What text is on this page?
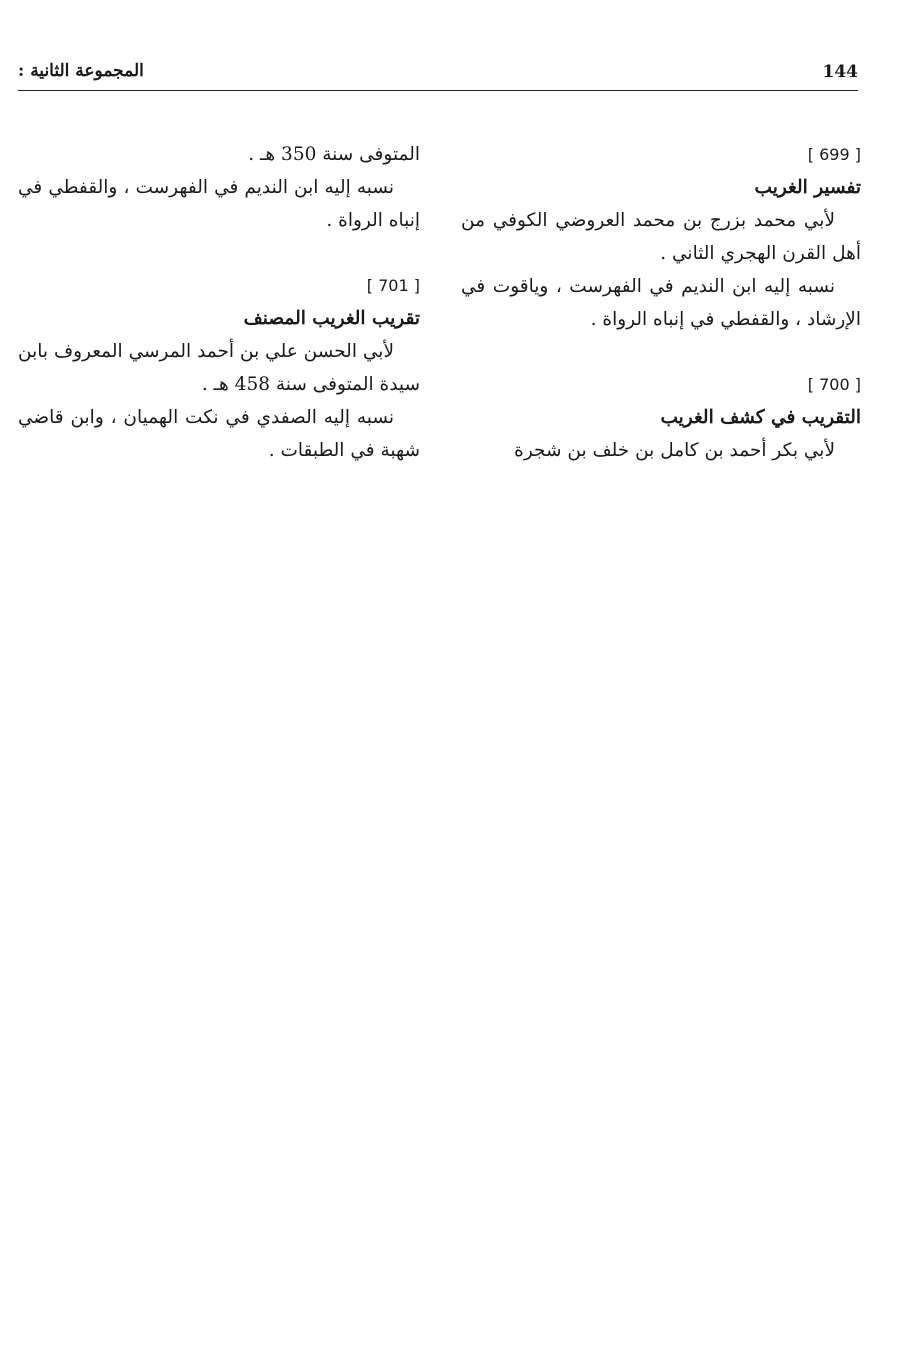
144
المجموعة الثانية :
[ 699 ]
تفسير الغريب

لأبي محمد بزرج بن محمد العروضي الكوفي من أهل القرن الهجري الثاني .

نسبه إليه ابن النديم في الفهرست ، وياقوت في الإرشاد ، والقفطي في إنباه الرواة .

[ 700 ]
التقريب في كشف الغريب

لأبي بكر أحمد بن كامل بن خلف بن شجرة

المتوفى سنة 350 هـ .

نسبه إليه ابن النديم في الفهرست ، والقفطي في إنباه الرواة .

[ 701 ]
تقريب الغريب المصنف

لأبي الحسن علي بن أحمد المرسي المعروف بابن سيدة المتوفى سنة 458 هـ .

نسبه إليه الصفدي في نكت الهميان ، وابن قاضي شهبة في الطبقات .
